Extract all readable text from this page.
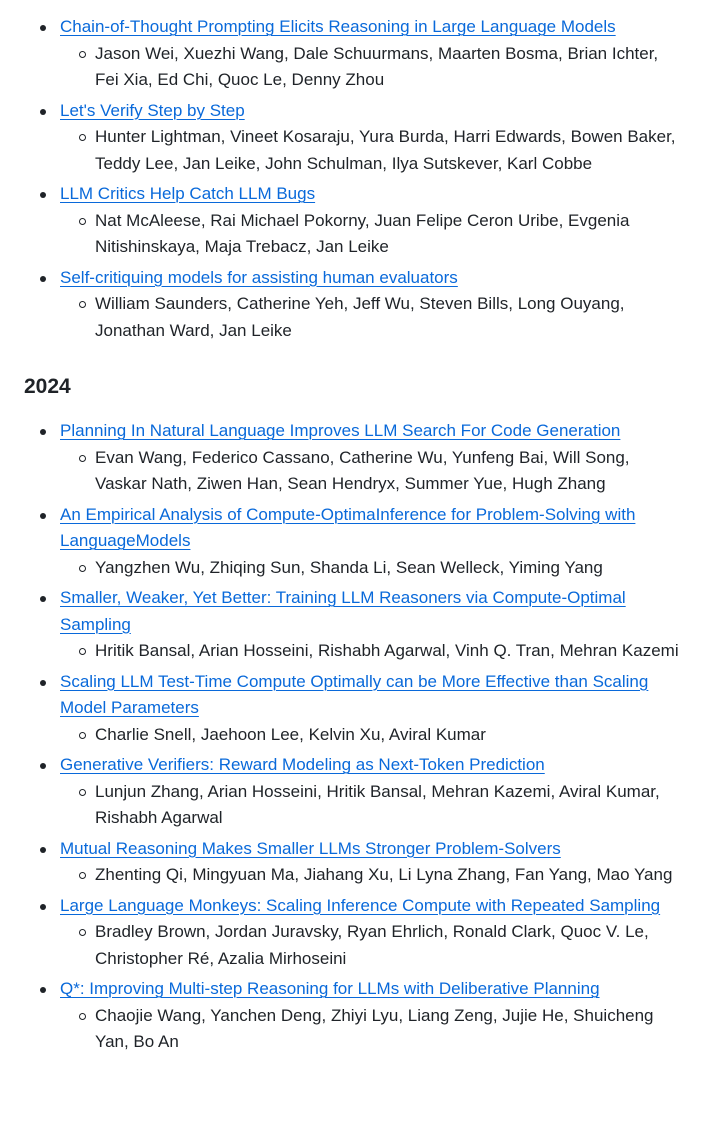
Chain-of-Thought Prompting Elicits Reasoning in Large Language Models
Jason Wei, Xuezhi Wang, Dale Schuurmans, Maarten Bosma, Brian Ichter, Fei Xia, Ed Chi, Quoc Le, Denny Zhou
Let's Verify Step by Step
Hunter Lightman, Vineet Kosaraju, Yura Burda, Harri Edwards, Bowen Baker, Teddy Lee, Jan Leike, John Schulman, Ilya Sutskever, Karl Cobbe
LLM Critics Help Catch LLM Bugs
Nat McAleese, Rai Michael Pokorny, Juan Felipe Ceron Uribe, Evgenia Nitishinskaya, Maja Trebacz, Jan Leike
Self-critiquing models for assisting human evaluators
William Saunders, Catherine Yeh, Jeff Wu, Steven Bills, Long Ouyang, Jonathan Ward, Jan Leike
2024
Planning In Natural Language Improves LLM Search For Code Generation
Evan Wang, Federico Cassano, Catherine Wu, Yunfeng Bai, Will Song, Vaskar Nath, Ziwen Han, Sean Hendryx, Summer Yue, Hugh Zhang
An Empirical Analysis of Compute-OptimaInference for Problem-Solving with LanguageModels
Yangzhen Wu, Zhiqing Sun, Shanda Li, Sean Welleck, Yiming Yang
Smaller, Weaker, Yet Better: Training LLM Reasoners via Compute-Optimal Sampling
Hritik Bansal, Arian Hosseini, Rishabh Agarwal, Vinh Q. Tran, Mehran Kazemi
Scaling LLM Test-Time Compute Optimally can be More Effective than Scaling Model Parameters
Charlie Snell, Jaehoon Lee, Kelvin Xu, Aviral Kumar
Generative Verifiers: Reward Modeling as Next-Token Prediction
Lunjun Zhang, Arian Hosseini, Hritik Bansal, Mehran Kazemi, Aviral Kumar, Rishabh Agarwal
Mutual Reasoning Makes Smaller LLMs Stronger Problem-Solvers
Zhenting Qi, Mingyuan Ma, Jiahang Xu, Li Lyna Zhang, Fan Yang, Mao Yang
Large Language Monkeys: Scaling Inference Compute with Repeated Sampling
Bradley Brown, Jordan Juravsky, Ryan Ehrlich, Ronald Clark, Quoc V. Le, Christopher Ré, Azalia Mirhoseini
Q*: Improving Multi-step Reasoning for LLMs with Deliberative Planning
Chaojie Wang, Yanchen Deng, Zhiyi Lyu, Liang Zeng, Jujie He, Shuicheng Yan, Bo An
